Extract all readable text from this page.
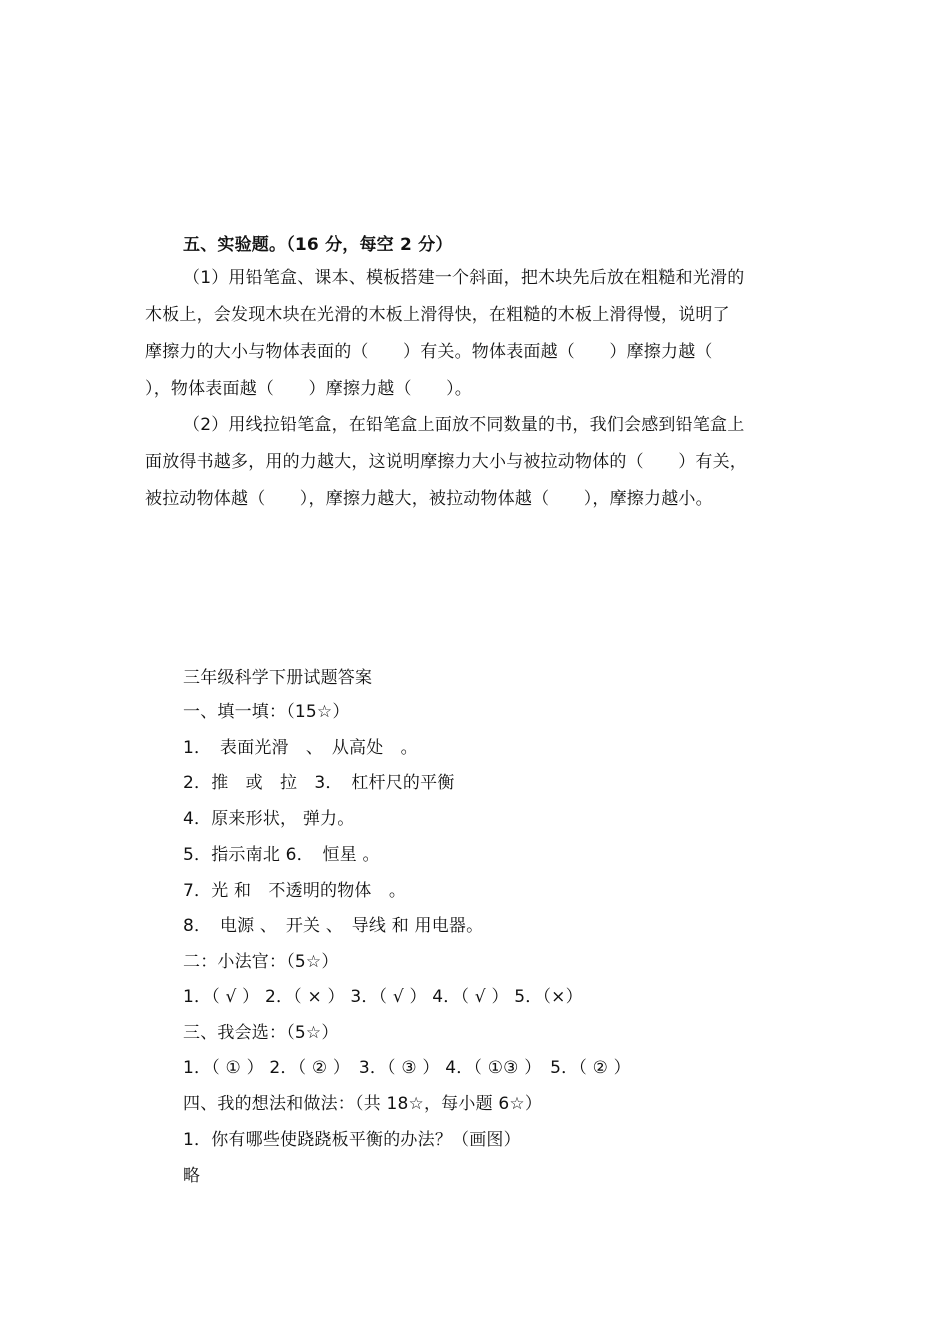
五、实验题。（16 分，每空 2 分）
（1）用铅笔盒、课本、模板搭建一个斜面，把木块先后放在粗糙和光滑的
木板上，会发现木块在光滑的木板上滑得快，在粗糙的木板上滑得慢，说明了
摩擦力的大小与物体表面的（　　）有关。物体表面越（　　）摩擦力越（
），物体表面越（　　）摩擦力越（　　）。
（2）用线拉铅笔盒，在铅笔盒上面放不同数量的书，我们会感到铅笔盒上
面放得书越多，用的力越大，这说明摩擦力大小与被拉动物体的（　　）有关，
被拉动物体越（　　），摩擦力越大，被拉动物体越（　　），摩擦力越小。
三年级科学下册试题答案
一、填一填：（15☆）
1．　表面光滑　、　从高处　。
2．推　或　拉　3．　杠杆尺的平衡
4．原来形状， 弹力。
5．指示南北 6．　恒星 。
7．光 和　不透明的物体　。
8．　电源 、　开关 、　导线 和 用电器。
二：小法官：（5☆）
1．（ √ ） 2．（ × ） 3．（ √ ） 4．（ √ ） 5．（×）
三、我会选：（5☆）
1．（ ① ） 2．（ ② ）　3．（ ③ ） 4．（ ①③ ）　5．（ ② ）
四、我的想法和做法：（共 18☆，每小题 6☆）
1．你有哪些使跷跷板平衡的办法？（画图）
略
